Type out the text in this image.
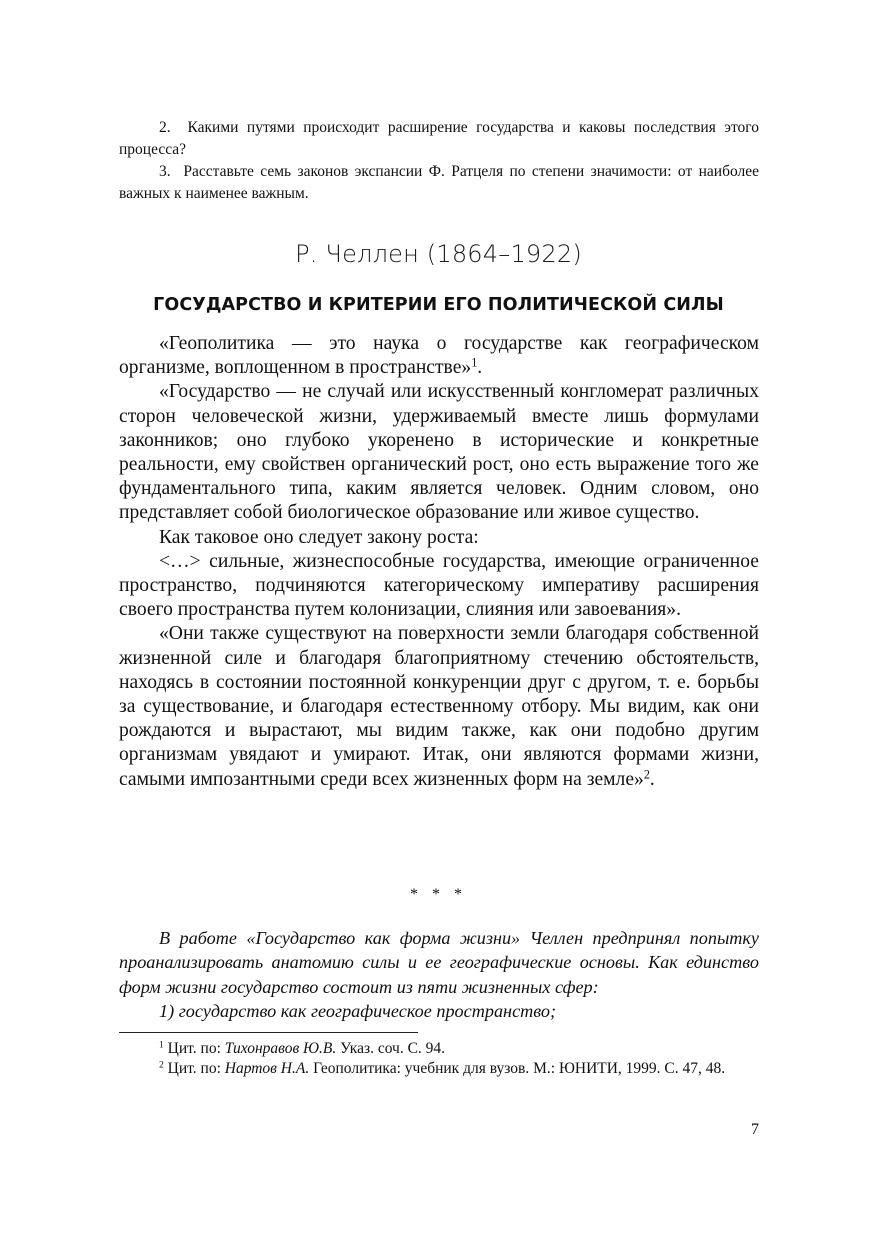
2. Какими путями происходит расширение государства и каковы последствия этого процесса?

3. Расставьте семь законов экспансии Ф. Ратцеля по степени значимости: от наиболее важных к наименее важным.

Р. Челлен (1864–1922)
ГОСУДАРСТВО И КРИТЕРИИ ЕГО ПОЛИТИЧЕСКОЙ СИЛЫ

«Геополитика — это наука о государстве как географическом организме, воплощенном в пространстве»$^1$.

«Государство — не случай или искусственный конгломерат различных сторон человеческой жизни, удерживаемый вместе лишь формулами законников; оно глубоко укоренено в исторические и конкретные реальности, ему свойствен органический рост, оно есть выражение того же фундаментального типа, каким является человек. Одним словом, оно представляет собой биологическое образование или живое существо.

Как таковое оно следует закону роста:

<…> сильные, жизнеспособные государства, имеющие ограниченное пространство, подчиняются категорическому императиву расширения своего пространства путем колонизации, слияния или завоевания».

«Они также существуют на поверхности земли благодаря собственной жизненной силе и благодаря благоприятному стечению обстоятельств, находясь в состоянии постоянной конкуренции друг с другом, т. е. борьбы за существование, и благодаря естественному отбору. Мы видим, как они рождаются и вырастают, мы видим также, как они подобно другим организмам увядают и умирают. Итак, они являются формами жизни, самыми импозантными среди всех жизненных форм на земле»$^2$.

* * *

В работе «Государство как форма жизни» Челлен предпринял попытку проанализировать анатомию силы и ее географические основы. Как единство форм жизни государство состоит из пяти жизненных сфер:

1) государство как географическое пространство;

$^1$ Цит. по: Тихонравов Ю.В. Указ. соч. С. 94.

$^2$ Цит. по: Нартов Н.А. Геополитика: учебник для вузов. М.: ЮНИТИ, 1999. С. 47, 48.

7
